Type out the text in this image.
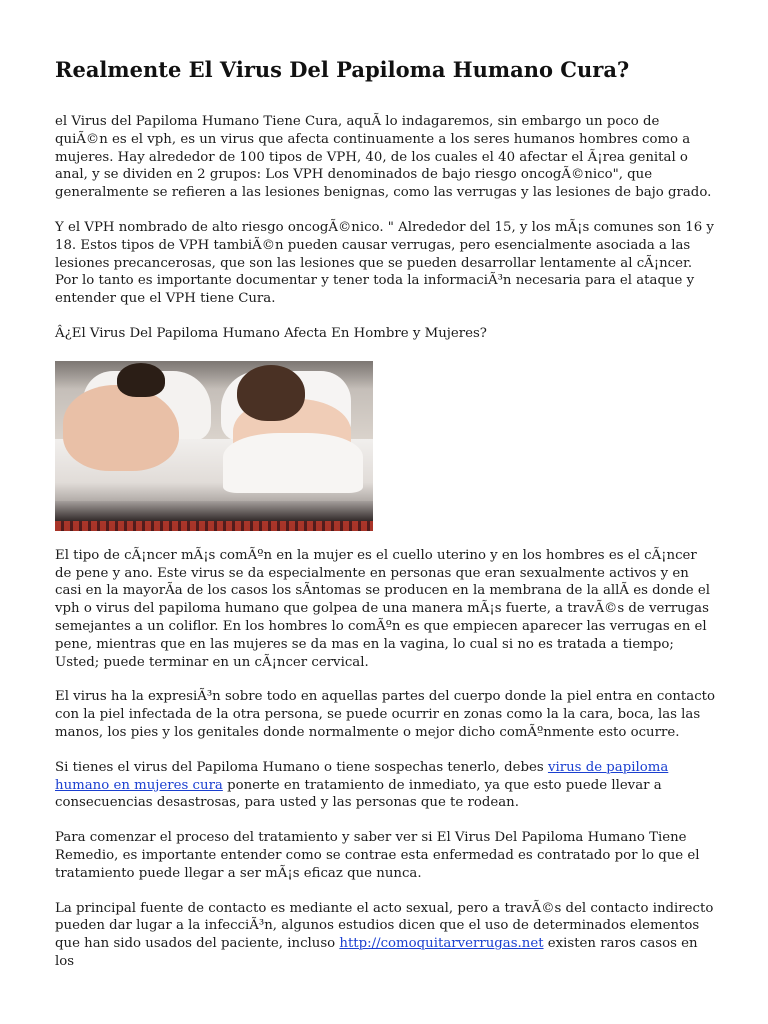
Realmente El Virus Del Papiloma Humano Cura?

el Virus del Papiloma Humano Tiene Cura, aquÃ lo indagaremos, sin embargo un poco de quiÃ©n es el vph, es un virus que afecta continuamente a los seres humanos hombres como a mujeres. Hay alrededor de 100 tipos de VPH, 40, de los cuales el 40 afectar el Ã¡rea genital o anal, y se dividen en 2 grupos: Los VPH denominados de bajo riesgo oncogÃ©nico", que generalmente se refieren a las lesiones benignas, como las verrugas y las lesiones de bajo grado.

Y el VPH nombrado de alto riesgo oncogÃ©nico. " Alrededor del 15, y los mÃ¡s comunes son 16 y 18. Estos tipos de VPH tambiÃ©n pueden causar verrugas, pero esencialmente asociada a las lesiones precancerosas, que son las lesiones que se pueden desarrollar lentamente al cÃ¡ncer. Por lo tanto es importante documentar y tener toda la informaciÃ³n necesaria para el ataque y entender que el VPH tiene Cura.

Â¿El Virus Del Papiloma Humano Afecta En Hombre y Mujeres?

El tipo de cÃ¡ncer mÃ¡s comÃºn en la mujer es el cuello uterino y en los hombres es el cÃ¡ncer de pene y ano. Este virus se da especialmente en personas que eran sexualmente activos y en casi en la mayorÃa de los casos los sÃntomas se producen en la membrana de la allÃ es donde el vph o virus del papiloma humano que golpea de una manera mÃ¡s fuerte, a travÃ©s de verrugas semejantes a un coliflor. En los hombres lo comÃºn es que empiecen aparecer las verrugas en el pene, mientras que en las mujeres se da mas en la vagina, lo cual si no es tratada a tiempo; Usted; puede terminar en un cÃ¡ncer cervical.

El virus ha la expresiÃ³n sobre todo en aquellas partes del cuerpo donde la piel entra en contacto con la piel infectada de la otra persona, se puede ocurrir en zonas como la la cara, boca, las las manos, los pies y los genitales donde normalmente o mejor dicho comÃºnmente esto ocurre.

Si tienes el virus del Papiloma Humano o tiene sospechas tenerlo, debes virus de papiloma humano en mujeres cura ponerte en tratamiento de inmediato, ya que esto puede llevar a consecuencias desastrosas, para usted y las personas que te rodean.

Para comenzar el proceso del tratamiento y saber ver si El Virus Del Papiloma Humano Tiene Remedio, es importante entender como se contrae esta enfermedad es contratado por lo que el tratamiento puede llegar a ser mÃ¡s eficaz que nunca.

La principal fuente de contacto es mediante el acto sexual, pero a travÃ©s del contacto indirecto pueden dar lugar a la infecciÃ³n, algunos estudios dicen que el uso de determinados elementos que han sido usados del paciente, incluso http://comoquitarverrugas.net existen raros casos en los
